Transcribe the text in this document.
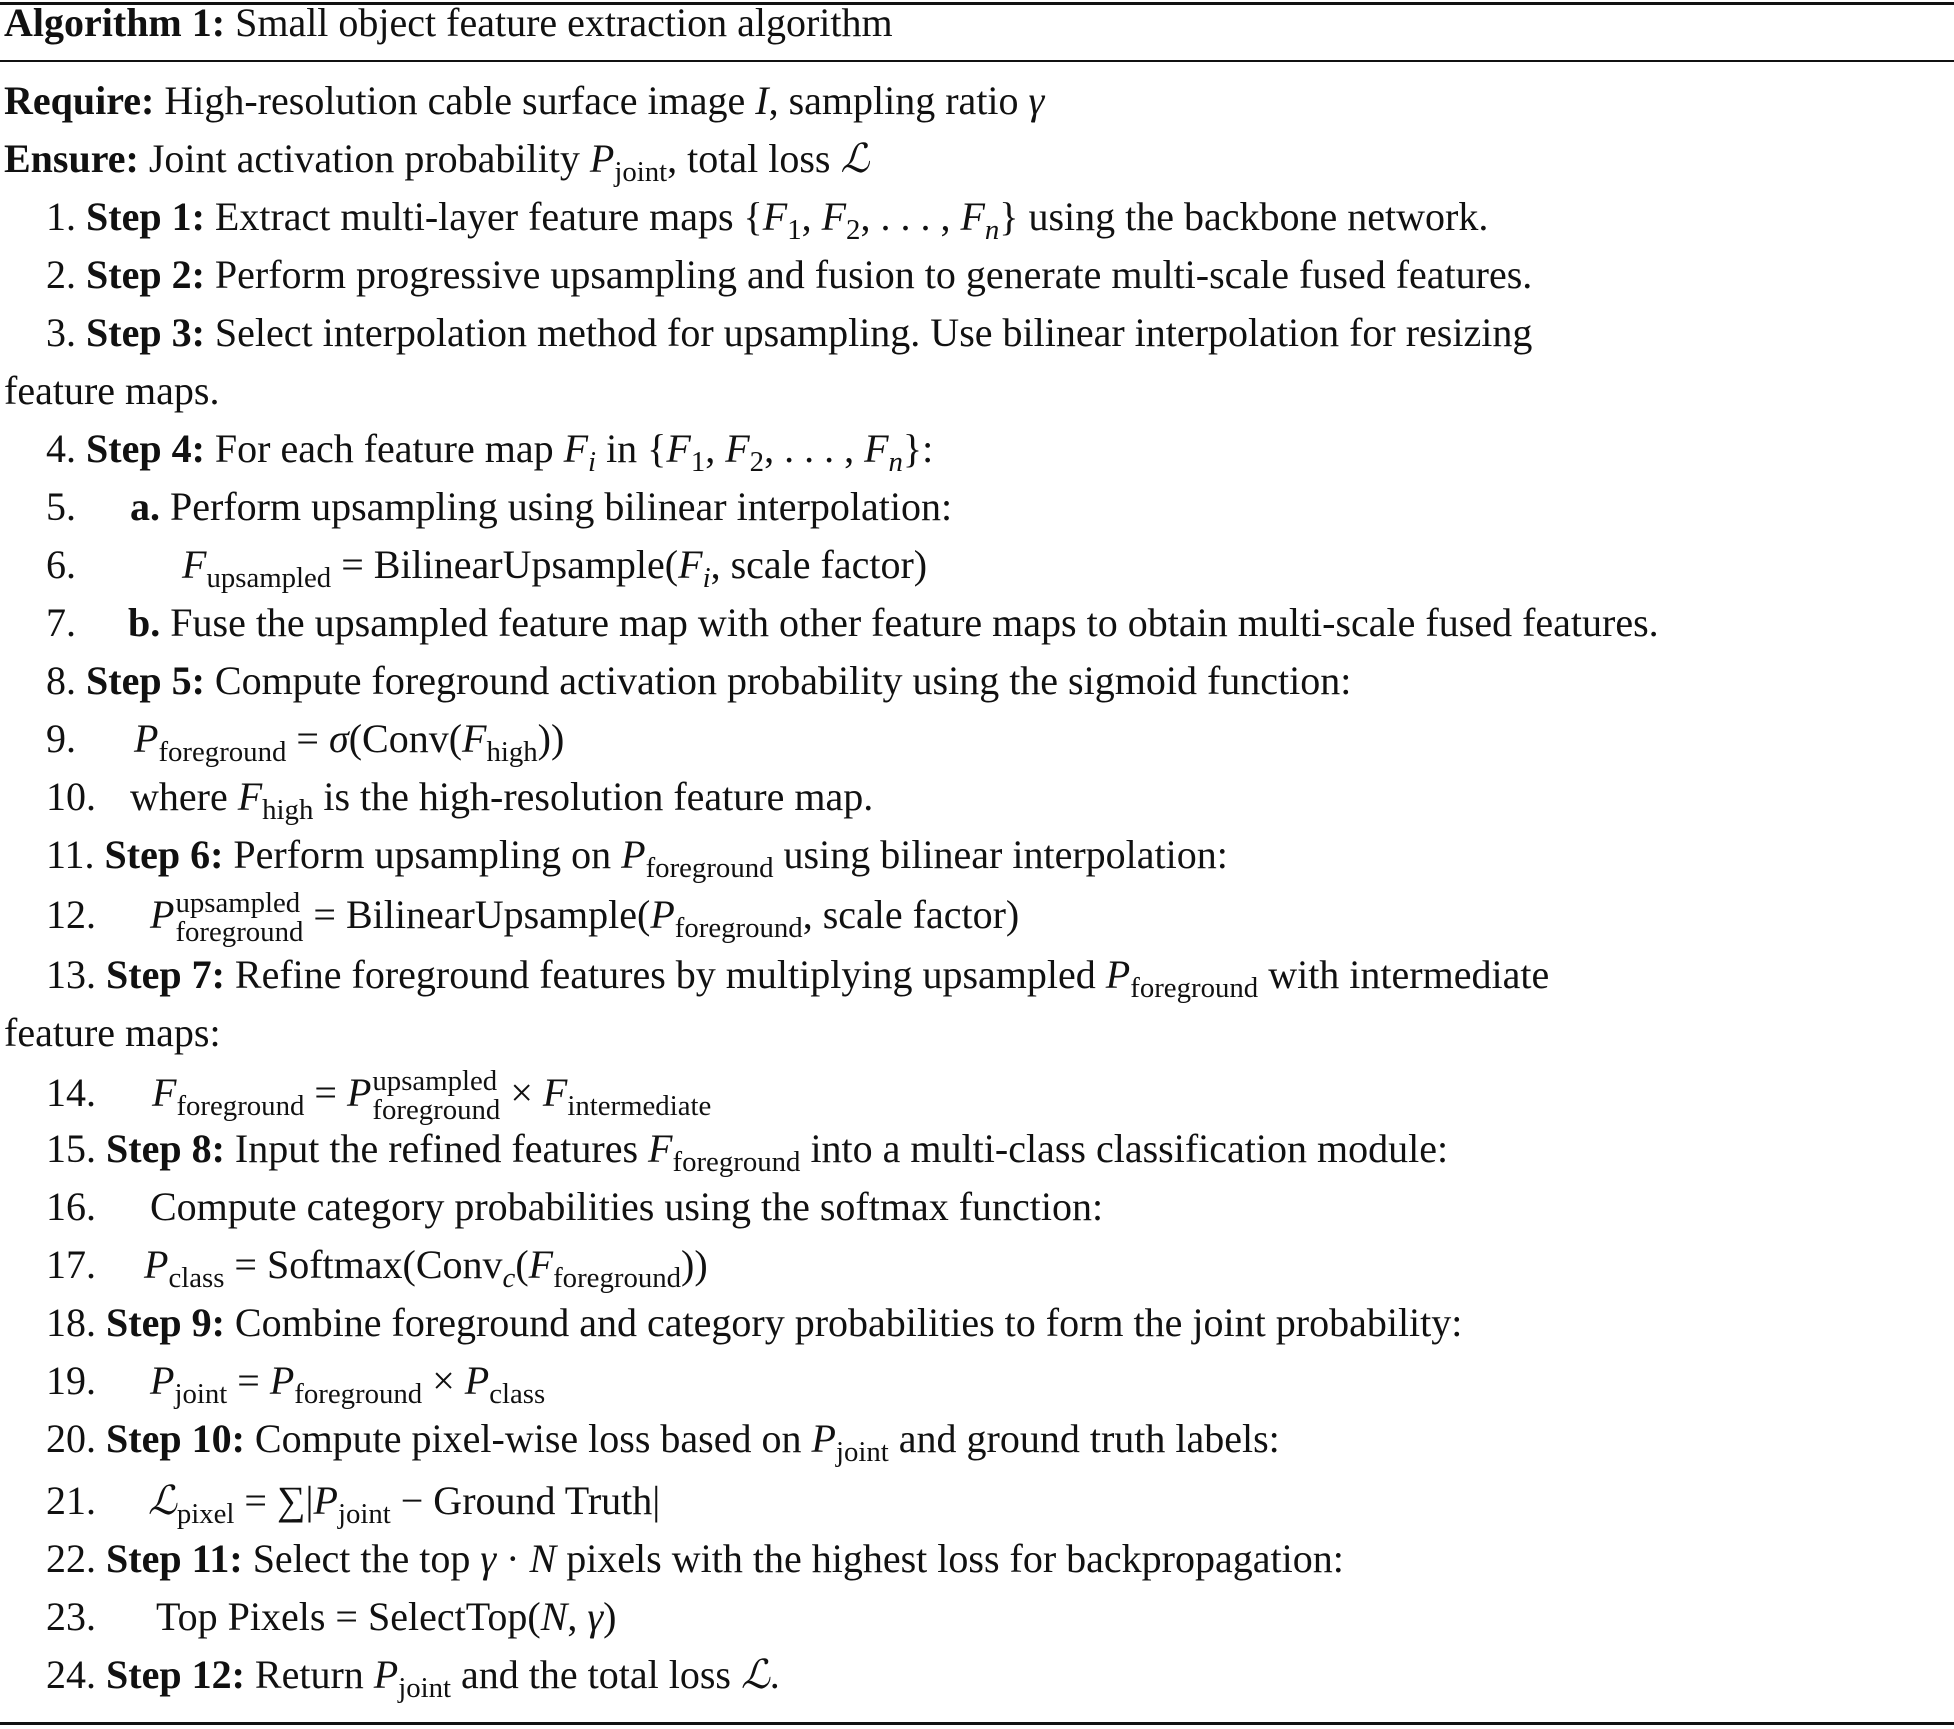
Algorithm 1: Small object feature extraction algorithm
Require: High-resolution cable surface image I, sampling ratio γ
Ensure: Joint activation probability $P_{joint}$, total loss ℒ
1. Step 1: Extract multi-layer feature maps {$F_1$, $F_2$, . . . , $F_n$} using the backbone network.
2. Step 2: Perform progressive upsampling and fusion to generate multi-scale fused features.
3. Step 3: Select interpolation method for upsampling. Use bilinear interpolation for resizing
feature maps.
4. Step 4: For each feature map $F_i$ in {$F_1$, $F_2$, . . . , $F_n$}:
5. a. Perform upsampling using bilinear interpolation:
6.	$F_{upsampled}$ = $BilinearUpsample(F_i$, scale factor)
7. b. Fuse the upsampled feature map with other feature maps to obtain multi-scale fused features.
8. Step 5: Compute foreground activation probability using the sigmoid function:
9. $P_{foreground}$ = $\sigma(Conv(F_{high}))$
10. where $F_{high}$ is the high-resolution feature map.
11. Step 6: Perform upsampling on $P_{foreground}$ using bilinear interpolation:
12. P upsampled
foreground = $BilinearUpsample(P_{foreground}$, scale factor)
13. Step 7: Refine foreground features by multiplying upsampled $P_{foreground}$ with intermediate
feature maps:
14. $F_{foreground} = P$ upsampled
foreground × $F_{intermediate}$
15. Step 8: Input the refined features $F_{foreground}$ into a multi-class classification module:
16. Compute category probabilities using the softmax function:
17. $P_{class}$ = $Softmax(Conv_c(F_{foreground}))$
18. Step 9: Combine foreground and category probabilities to form the joint probability:
19. $P_{joint} = P_{foreground} \times P_{class}$
20. Step 10: Compute pixel-wise loss based on $P_{joint}$ and ground truth labels:
21. ℒ$_{pixel}$ = $\sum|P_{joint}$ − Ground Truth|
22. Step 11: Select the top γ · N pixels with the highest loss for backpropagation:
23. Top Pixels = SelectTop(N, γ)
24. Step 12: Return $P_{joint}$ and the total loss ℒ.
